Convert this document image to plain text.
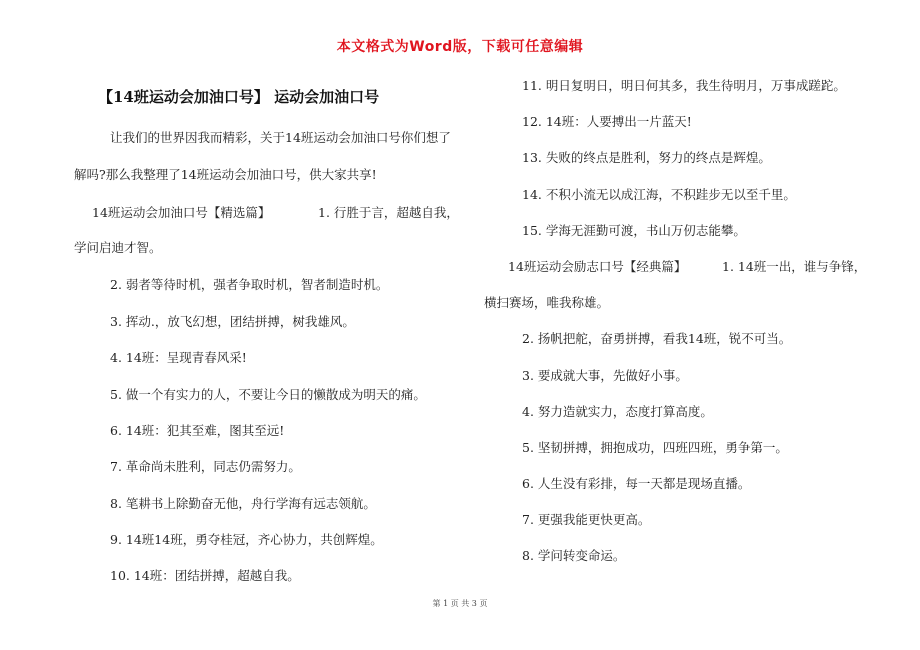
本文格式为Word版，下载可任意编辑
【14班运动会加油口号】 运动会加油口号
让我们的世界因我而精彩，关于14班运动会加油口号你们想了
解吗?那么我整理了14班运动会加油口号，供大家共享!
14班运动会加油口号【精选篇】	1. 行胜于言，超越自我，
学问启迪才智。
2. 弱者等待时机，强者争取时机，智者制造时机。
3. 挥动.，放飞幻想，团结拼搏，树我雄风。
4. 14班：呈现青春风采!
5. 做一个有实力的人，不要让今日的懒散成为明天的痛。
6. 14班：犯其至难，图其至远!
7. 革命尚未胜利，同志仍需努力。
8. 笔耕书上除勤奋无他，舟行学海有远志领航。
9. 14班14班，勇夺桂冠，齐心协力，共创辉煌。
10. 14班：团结拼搏，超越自我。
11. 明日复明日，明日何其多，我生待明月，万事成蹉跎。
12. 14班：人要搏出一片蓝天!
13. 失败的终点是胜利，努力的终点是辉煌。
14. 不积小流无以成江海，不积跬步无以至千里。
15. 学海无涯勤可渡，书山万仞志能攀。
14班运动会励志口号【经典篇】	1. 14班一出，谁与争锋，
横扫赛场，唯我称雄。
2. 扬帆把舵，奋勇拼搏，看我14班，锐不可当。
3. 要成就大事，先做好小事。
4. 努力造就实力，态度打算高度。
5. 坚韧拼搏，拥抱成功，四班四班，勇争第一。
6. 人生没有彩排，每一天都是现场直播。
7. 更强我能更快更高。
8. 学问转变命运。
第 1 页 共 3 页
